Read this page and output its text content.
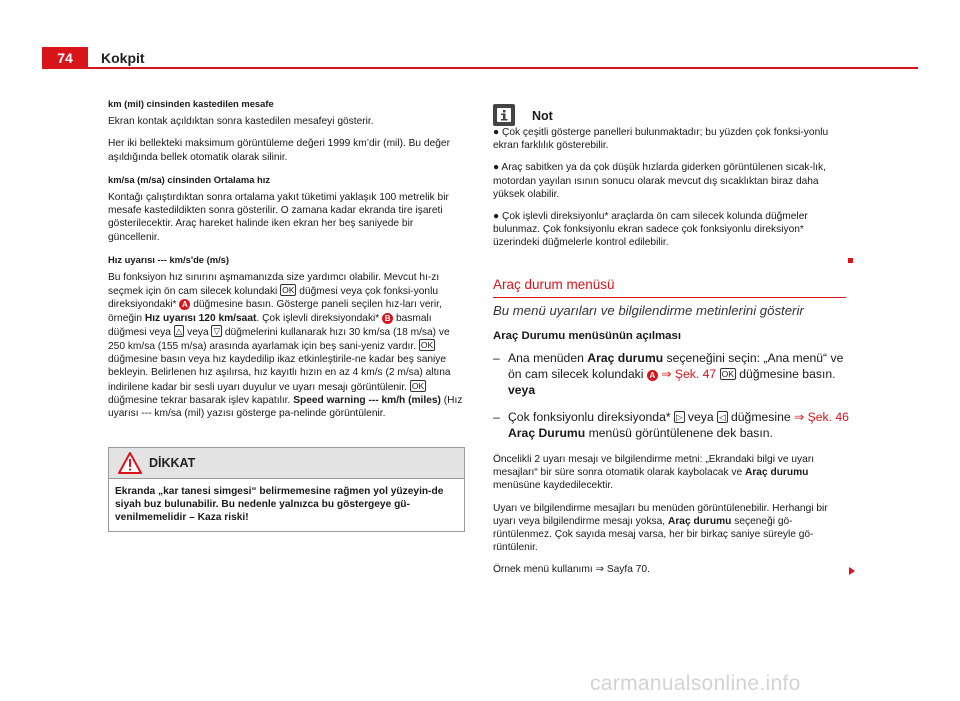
74	Kokpit

km (mil) cinsinden kastedilen mesafe

Ekran kontak açıldıktan sonra kastedilen mesafeyi gösterir.

Her iki bellekteki maksimum görüntüleme değeri 1999 km’dir (mil). Bu değer aşıldığında bellek otomatik olarak silinir.

km/sa (m/sa) cinsinden Ortalama hız

Kontağı çalıştırdıktan sonra ortalama yakıt tüketimi yaklaşık 100 metrelik bir mesafe kastedildikten sonra gösterilir. O zamana kadar ekranda tire işareti gösterilecektir. Araç hareket halinde iken ekran her beş saniyede bir güncellenir.

Hız uyarısı --- km/s'de (m/s)

Bu fonksiyon hız sınırını aşmamanızda size yardımcı olabilir. Mevcut hı-zı seçmek için ön cam silecek kolundaki OK düğmesi veya çok fonksi-yonlu direksiyondaki* A düğmesine basın. Gösterge paneli seçilen hız-ları verir, örneğin Hız uyarısı 120 km/saat. Çok işlevli direksiyondaki* B basmalı düğmesi veya △ veya ▽ düğmelerini kullanarak hızı 30 km/sa (18 m/sa) ve 250 km/sa (155 m/sa) arasında ayarlamak için beş sani-yeniz vardır. OK düğmesine basın veya hız kaydedilip ikaz etkinleştirile-ne kadar beş saniye bekleyin. Belirlenen hız aşılırsa, hız kayıtlı hızın en az 4 km/s (2 m/sa) altına indirilene kadar bir sesli uyarı duyulur ve uyarı mesajı görüntülenir. OK düğmesine tekrar basarak işlev kapatılır. Speed warning --- km/h (miles) (Hız uyarısı --- km/sa (mil) yazısı gösterge pa-nelinde görüntülenir.

DİKKAT
Ekranda „kar tanesi simgesi“ belirmemesine rağmen yol yüzeyin-de siyah buz bulunabilir. Bu nedenle yalnızca bu göstergeye gü-venilmemelidir – Kaza riski!
Not

● Çok çeşitli gösterge panelleri bulunmaktadır; bu yüzden çok fonksi-yonlu ekran farklılık gösterebilir.

● Araç sabitken ya da çok düşük hızlarda giderken görüntülenen sıcak-lık, motordan yayılan ısının sonucu olarak mevcut dış sıcaklıktan biraz daha yüksek olabilir.

● Çok işlevli direksiyonlu* araçlarda ön cam silecek kolunda düğmeler bulunmaz. Çok fonksiyonlu ekran sadece çok fonksiyonlu direksiyon* üzerindeki düğmelerle kontrol edilebilir.

Araç durum menüsü
Bu menü uyarıları ve bilgilendirme metinlerini gösterir

Araç Durumu menüsünün açılması

– Ana menüden Araç durumu seçeneğini seçin: „Ana menü“ ve ön cam silecek kolundaki A ⇒ Şek. 47 OK düğmesine basın. veya
– Çok fonksiyonlu direksiyonda* ▷ veya ◁ düğmesine ⇒ Şek. 46 Araç Durumu menüsü görüntülenene dek basın.

Öncelikli 2 uyarı mesajı ve bilgilendirme metni: „Ekrandaki bilgi ve uyarı mesajları“ bir süre sonra otomatik olarak kaybolacak ve Araç durumu menüsüne kaydedilecektir.

Uyarı ve bilgilendirme mesajları bu menüden görüntülenebilir. Herhangi bir uyarı veya bilgilendirme mesajı yoksa, Araç durumu seçeneği gö-rüntülenmez. Çok sayıda mesaj varsa, her bir birkaç saniye süreyle gö-rüntülenir.

Örnek menü kullanımı ⇒ Sayfa 70.

carmanualsonline.info
